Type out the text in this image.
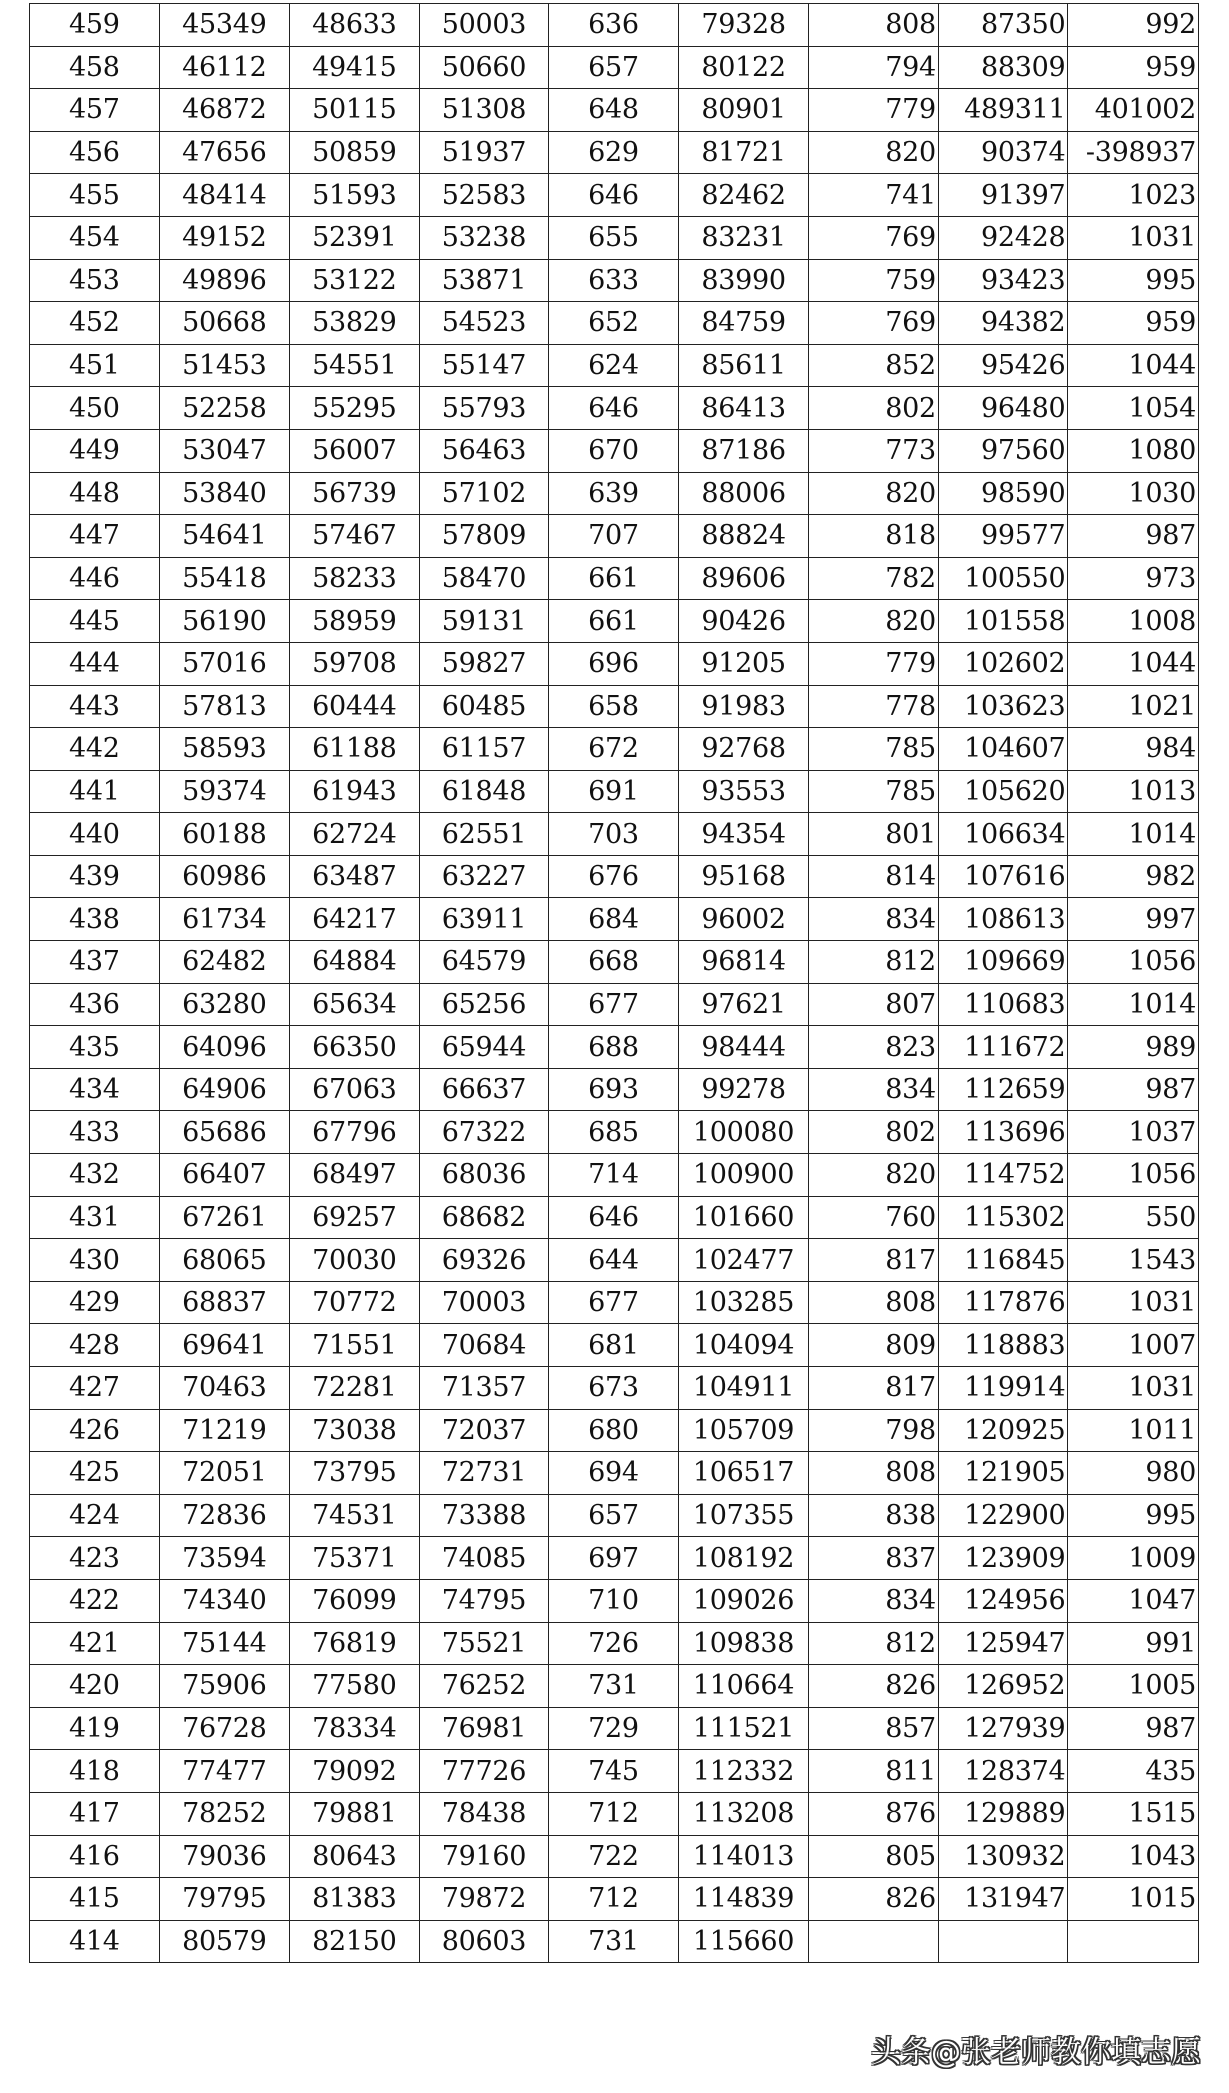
459	45349	48633	50003	636	79328	808	87350	992
458	46112	49415	50660	657	80122	794	88309	959
457	46872	50115	51308	648	80901	779	489311	401002
456	47656	50859	51937	629	81721	820	90374	-398937
455	48414	51593	52583	646	82462	741	91397	1023
454	49152	52391	53238	655	83231	769	92428	1031
453	49896	53122	53871	633	83990	759	93423	995
452	50668	53829	54523	652	84759	769	94382	959
451	51453	54551	55147	624	85611	852	95426	1044
450	52258	55295	55793	646	86413	802	96480	1054
449	53047	56007	56463	670	87186	773	97560	1080
448	53840	56739	57102	639	88006	820	98590	1030
447	54641	57467	57809	707	88824	818	99577	987
446	55418	58233	58470	661	89606	782	100550	973
445	56190	58959	59131	661	90426	820	101558	1008
444	57016	59708	59827	696	91205	779	102602	1044
443	57813	60444	60485	658	91983	778	103623	1021
442	58593	61188	61157	672	92768	785	104607	984
441	59374	61943	61848	691	93553	785	105620	1013
440	60188	62724	62551	703	94354	801	106634	1014
439	60986	63487	63227	676	95168	814	107616	982
438	61734	64217	63911	684	96002	834	108613	997
437	62482	64884	64579	668	96814	812	109669	1056
436	63280	65634	65256	677	97621	807	110683	1014
435	64096	66350	65944	688	98444	823	111672	989
434	64906	67063	66637	693	99278	834	112659	987
433	65686	67796	67322	685	100080	802	113696	1037
432	66407	68497	68036	714	100900	820	114752	1056
431	67261	69257	68682	646	101660	760	115302	550
430	68065	70030	69326	644	102477	817	116845	1543
429	68837	70772	70003	677	103285	808	117876	1031
428	69641	71551	70684	681	104094	809	118883	1007
427	70463	72281	71357	673	104911	817	119914	1031
426	71219	73038	72037	680	105709	798	120925	1011
425	72051	73795	72731	694	106517	808	121905	980
424	72836	74531	73388	657	107355	838	122900	995
423	73594	75371	74085	697	108192	837	123909	1009
422	74340	76099	74795	710	109026	834	124956	1047
421	75144	76819	75521	726	109838	812	125947	991
420	75906	77580	76252	731	110664	826	126952	1005
419	76728	78334	76981	729	111521	857	127939	987
418	77477	79092	77726	745	112332	811	128374	435
417	78252	79881	78438	712	113208	876	129889	1515
416	79036	80643	79160	722	114013	805	130932	1043
415	79795	81383	79872	712	114839	826	131947	1015
414	80579	82150	80603	731	115660			
头条@张老师教你填志愿
